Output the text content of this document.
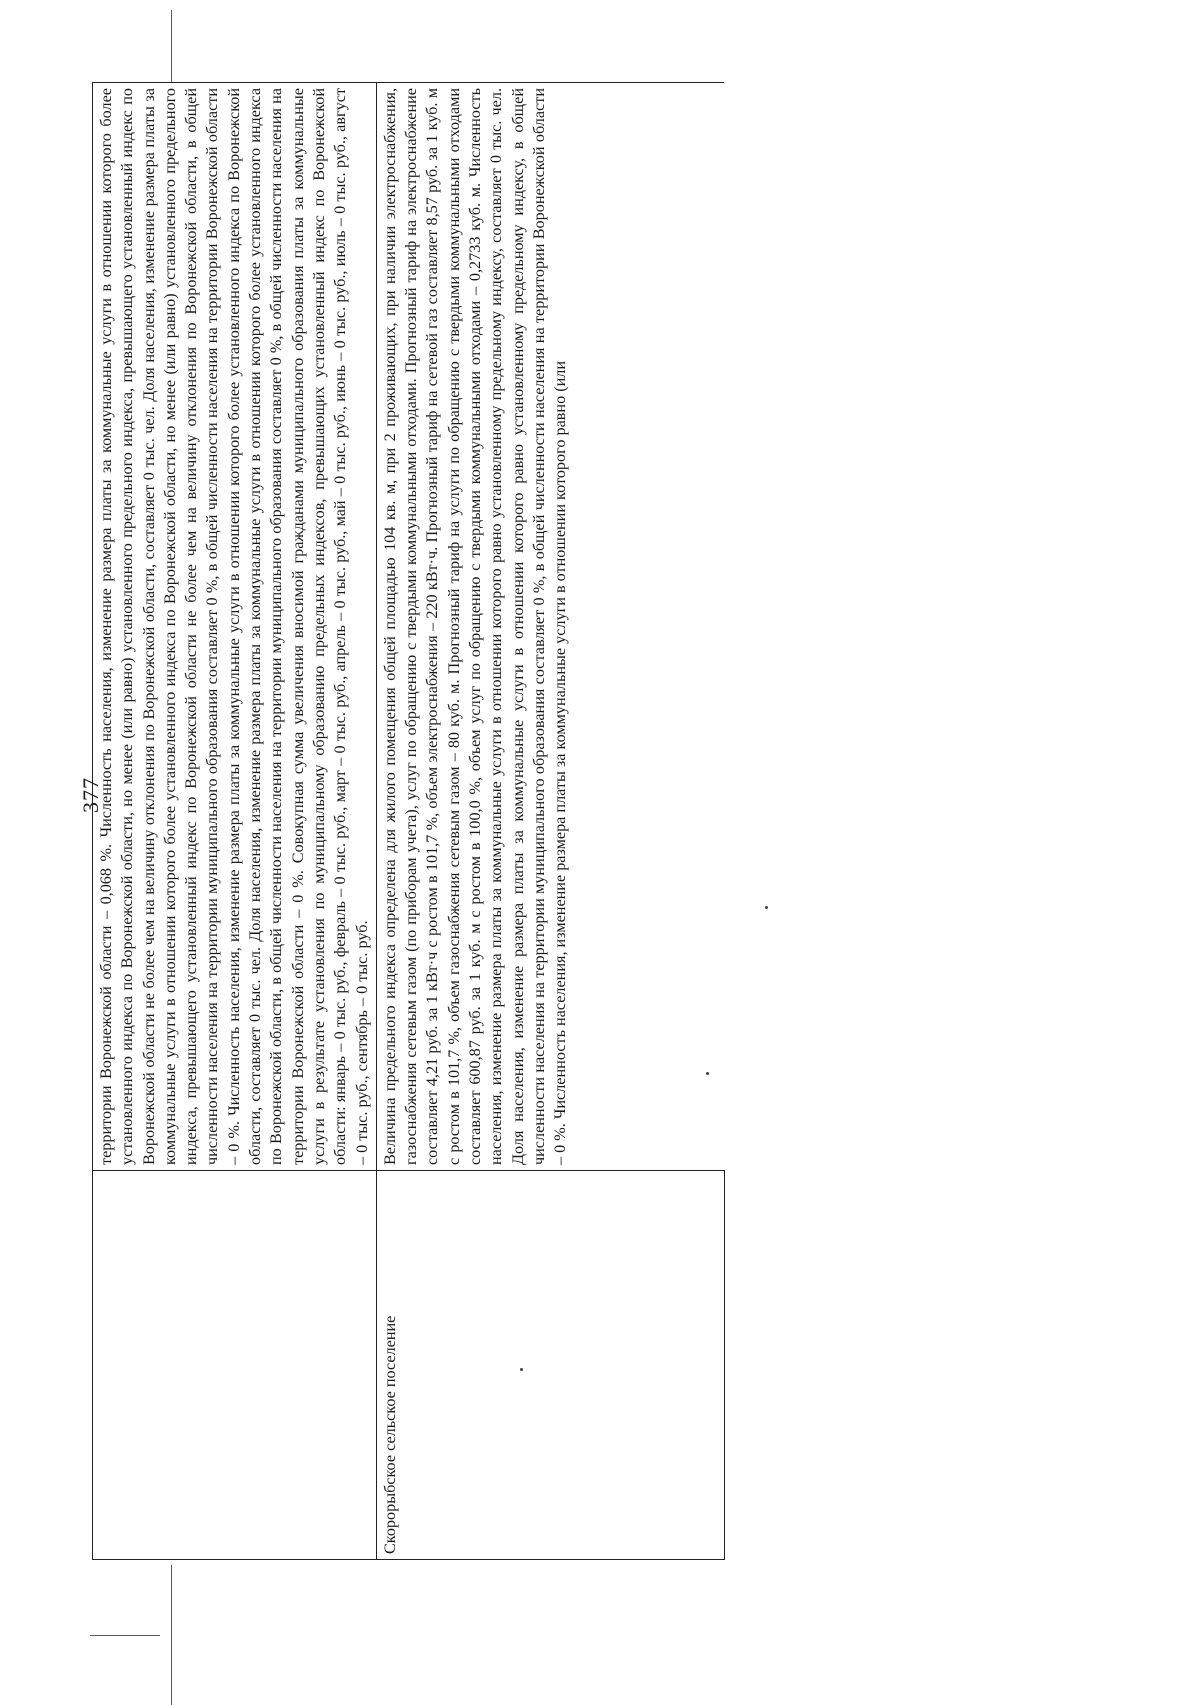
377
	территории Воронежской области – 0,068 %. Численность населения, изменение размера платы за коммунальные услуги в отношении которого более установленного индекса по Воронежской области, но менее (или равно) установленного предельного индекса, превышающего установленный индекс по Воронежской области не более чем на величину отклонения по Воронежской области, составляет 0 тыс. чел. Доля населения, изменение размера платы за коммунальные услуги в отношении которого более установленного индекса по Воронежской области, но менее (или равно) установленного предельного индекса, превышающего установленный индекс по Воронежской области не более чем на величину отклонения по Воронежской области, в общей численности населения на территории муниципального образования составляет 0 %, в общей численности населения на территории Воронежской области – 0 %. Численность населения, изменение размера платы за коммунальные услуги в отношении которого более установленного индекса по Воронежской области, составляет 0 тыс. чел. Доля населения, изменение размера платы за коммунальные услуги в отношении которого более установленного индекса по Воронежской области, в общей численности населения на территории муниципального образования составляет 0 %, в общей численности населения на территории Воронежской области – 0 %. Совокупная сумма увеличения вносимой гражданами муниципального образования платы за коммунальные услуги в результате установления по муниципальному образованию предельных индексов, превышающих установленный индекс по Воронежской области: январь – 0 тыс. руб., февраль – 0 тыс. руб., март – 0 тыс. руб., апрель – 0 тыс. руб., май – 0 тыс. руб., июнь – 0 тыс. руб., июль – 0 тыс. руб., август – 0 тыс. руб., сентябрь – 0 тыс. руб.
Скорорыбское сельское поселение	Величина предельного индекса определена для жилого помещения общей площадью 104 кв. м, при 2 проживающих, при наличии электроснабжения, газоснабжения сетевым газом (по приборам учета), услуг по обращению с твердыми коммунальными отходами. Прогнозный тариф на электроснабжение составляет 4,21 руб. за 1 кВт·ч с ростом в 101,7 %, объем электроснабжения – 220 кВт·ч. Прогнозный тариф на сетевой газ составляет 8,57 руб. за 1 куб. м с ростом в 101,7 %, объем газоснабжения сетевым газом – 80 куб. м. Прогнозный тариф на услуги по обращению с твердыми коммунальными отходами составляет 600,87 руб. за 1 куб. м с ростом в 100,0 %, объем услуг по обращению с твердыми коммунальными отходами – 0,2733 куб. м. Численность населения, изменение размера платы за коммунальные услуги в отношении которого равно установленному предельному индексу, составляет 0 тыс. чел. Доля населения, изменение размера платы за коммунальные услуги в отношении которого равно установленному предельному индексу, в общей численности населения на территории муниципального образования составляет 0 %, в общей численности населения на территории Воронежской области – 0 %. Численность населения, изменение размера платы за коммунальные услуги в отношении которого равно (или
